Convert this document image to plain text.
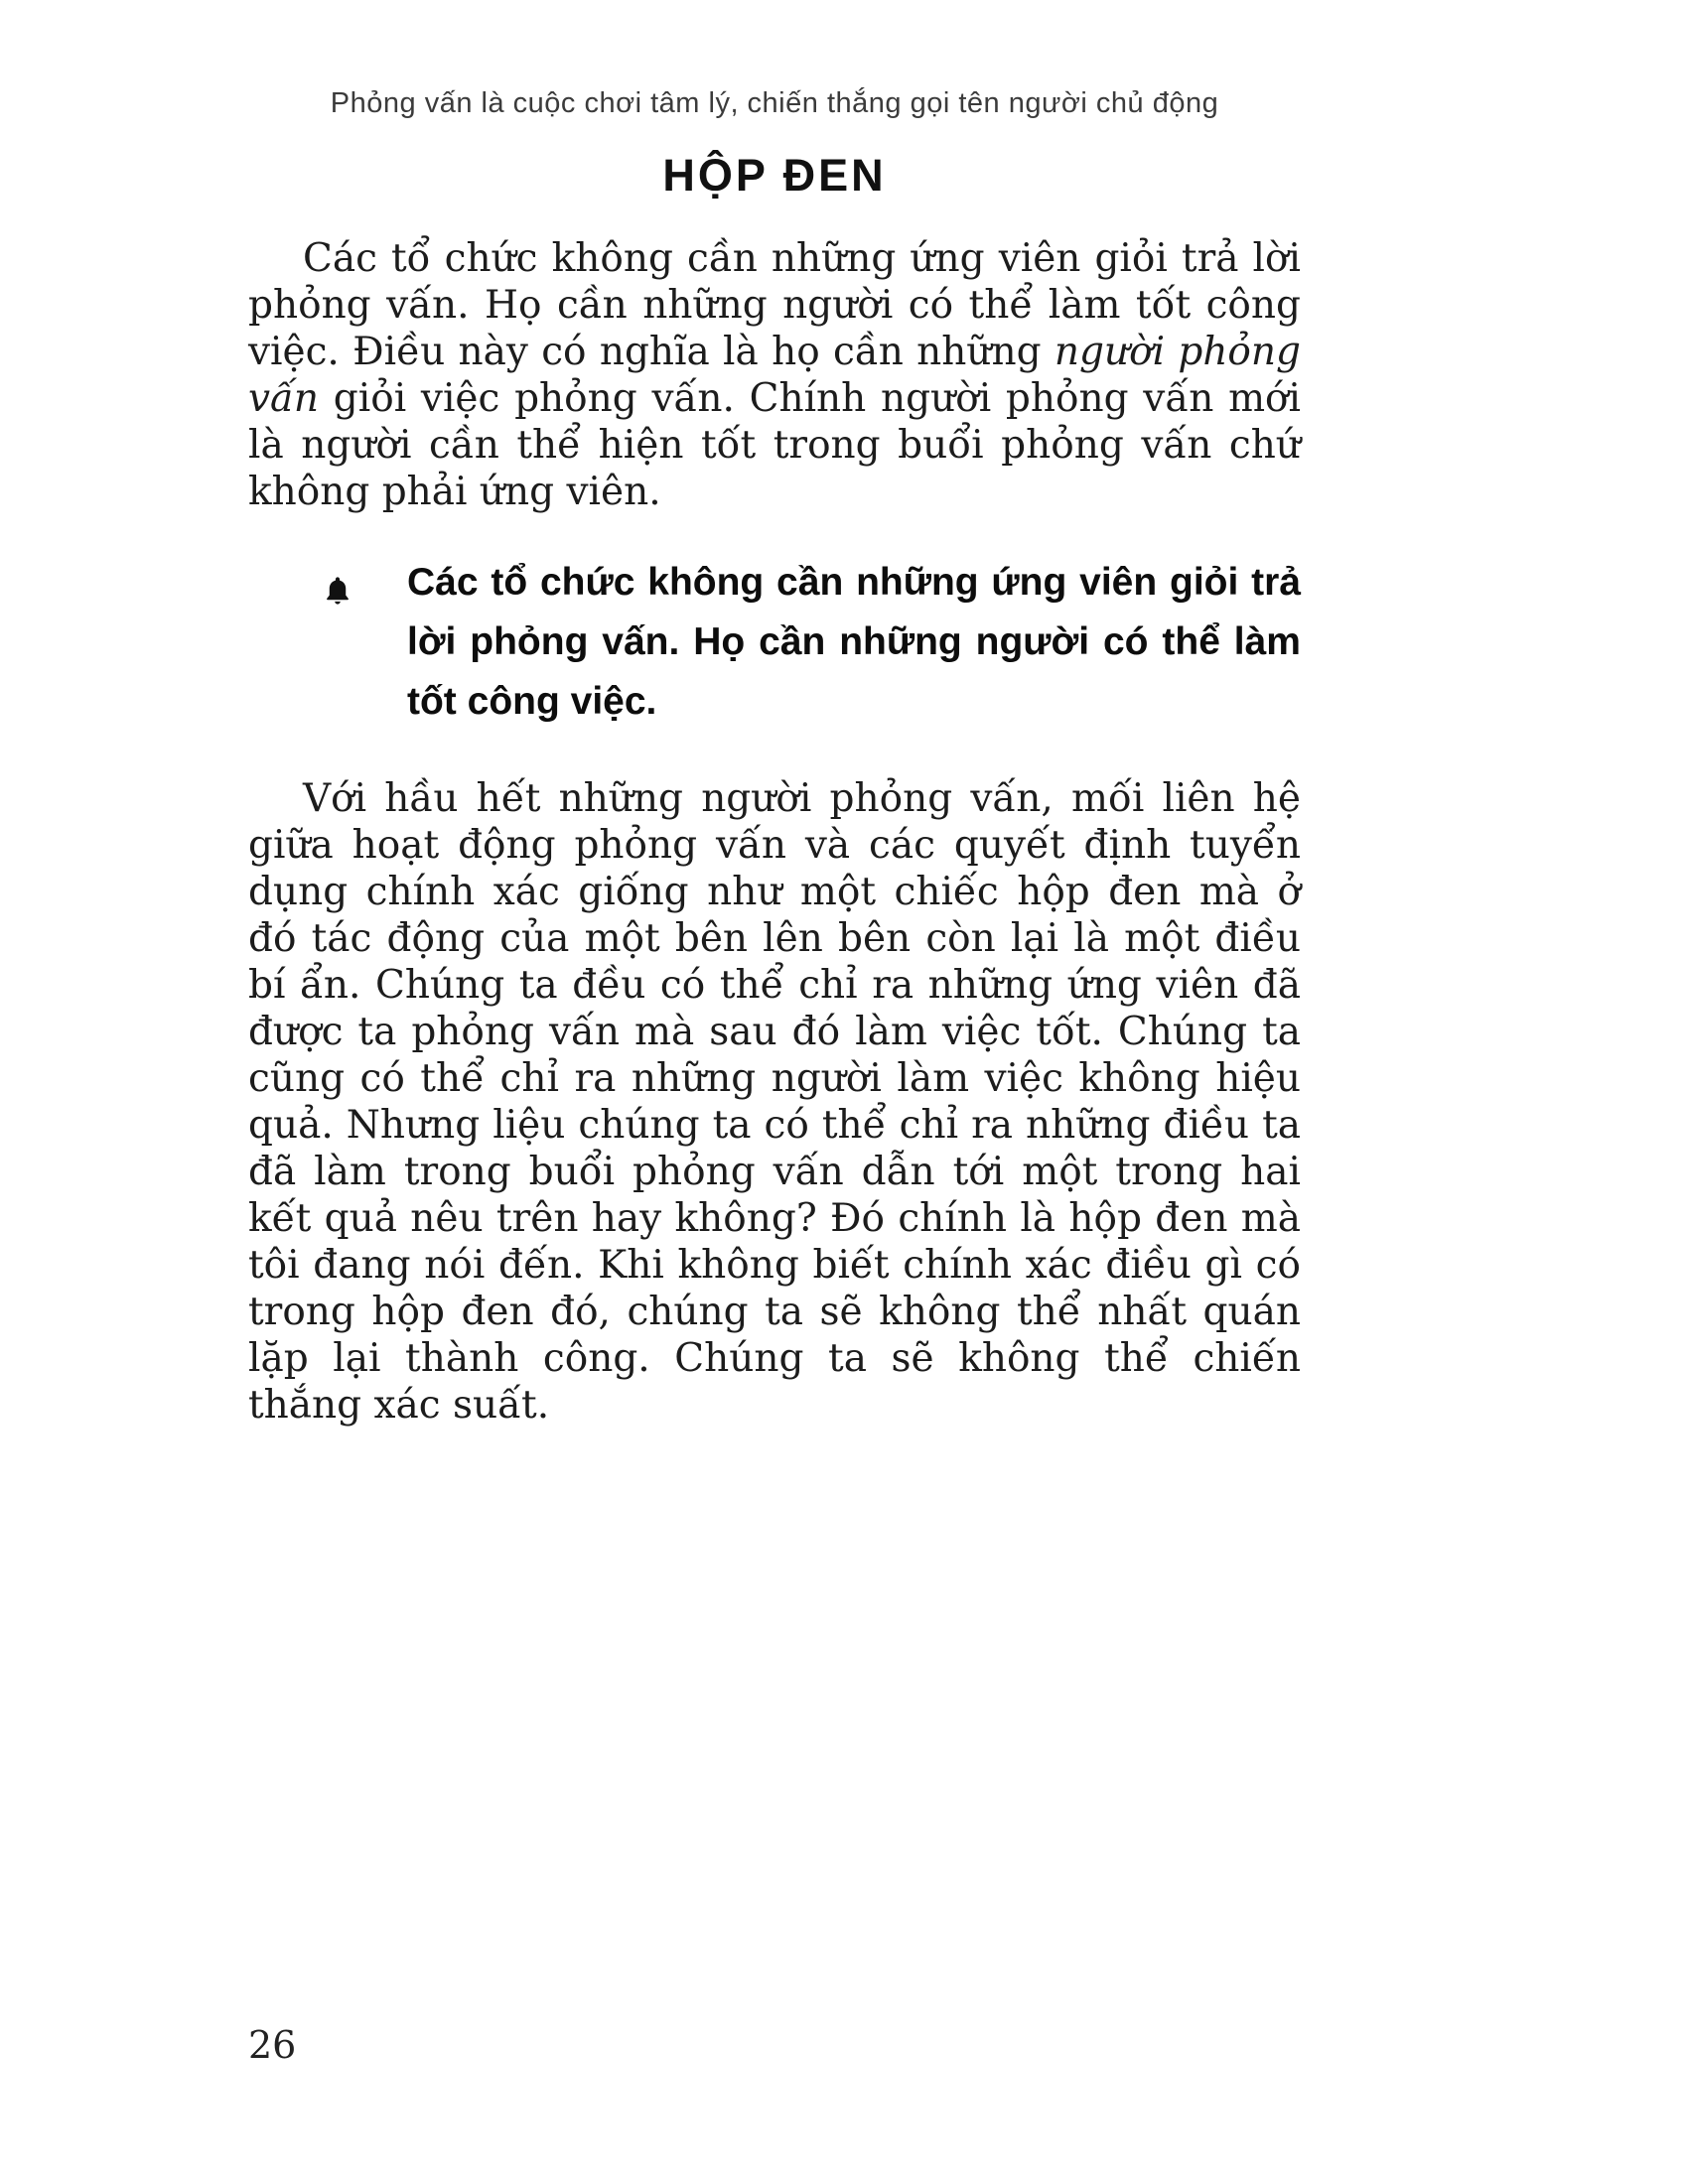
Phỏng vấn là cuộc chơi tâm lý, chiến thắng gọi tên người chủ động
HỘP ĐEN

Các tổ chức không cần những ứng viên giỏi trả lời phỏng vấn. Họ cần những người có thể làm tốt công việc. Điều này có nghĩa là họ cần những người phỏng vấn giỏi việc phỏng vấn. Chính người phỏng vấn mới là người cần thể hiện tốt trong buổi phỏng vấn chứ không phải ứng viên.

Các tổ chức không cần những ứng viên giỏi trả lời phỏng vấn. Họ cần những người có thể làm tốt công việc.

Với hầu hết những người phỏng vấn, mối liên hệ giữa hoạt động phỏng vấn và các quyết định tuyển dụng chính xác giống như một chiếc hộp đen mà ở đó tác động của một bên lên bên còn lại là một điều bí ẩn. Chúng ta đều có thể chỉ ra những ứng viên đã được ta phỏng vấn mà sau đó làm việc tốt. Chúng ta cũng có thể chỉ ra những người làm việc không hiệu quả. Nhưng liệu chúng ta có thể chỉ ra những điều ta đã làm trong buổi phỏng vấn dẫn tới một trong hai kết quả nêu trên hay không? Đó chính là hộp đen mà tôi đang nói đến. Khi không biết chính xác điều gì có trong hộp đen đó, chúng ta sẽ không thể nhất quán lặp lại thành công. Chúng ta sẽ không thể chiến thắng xác suất.

26
